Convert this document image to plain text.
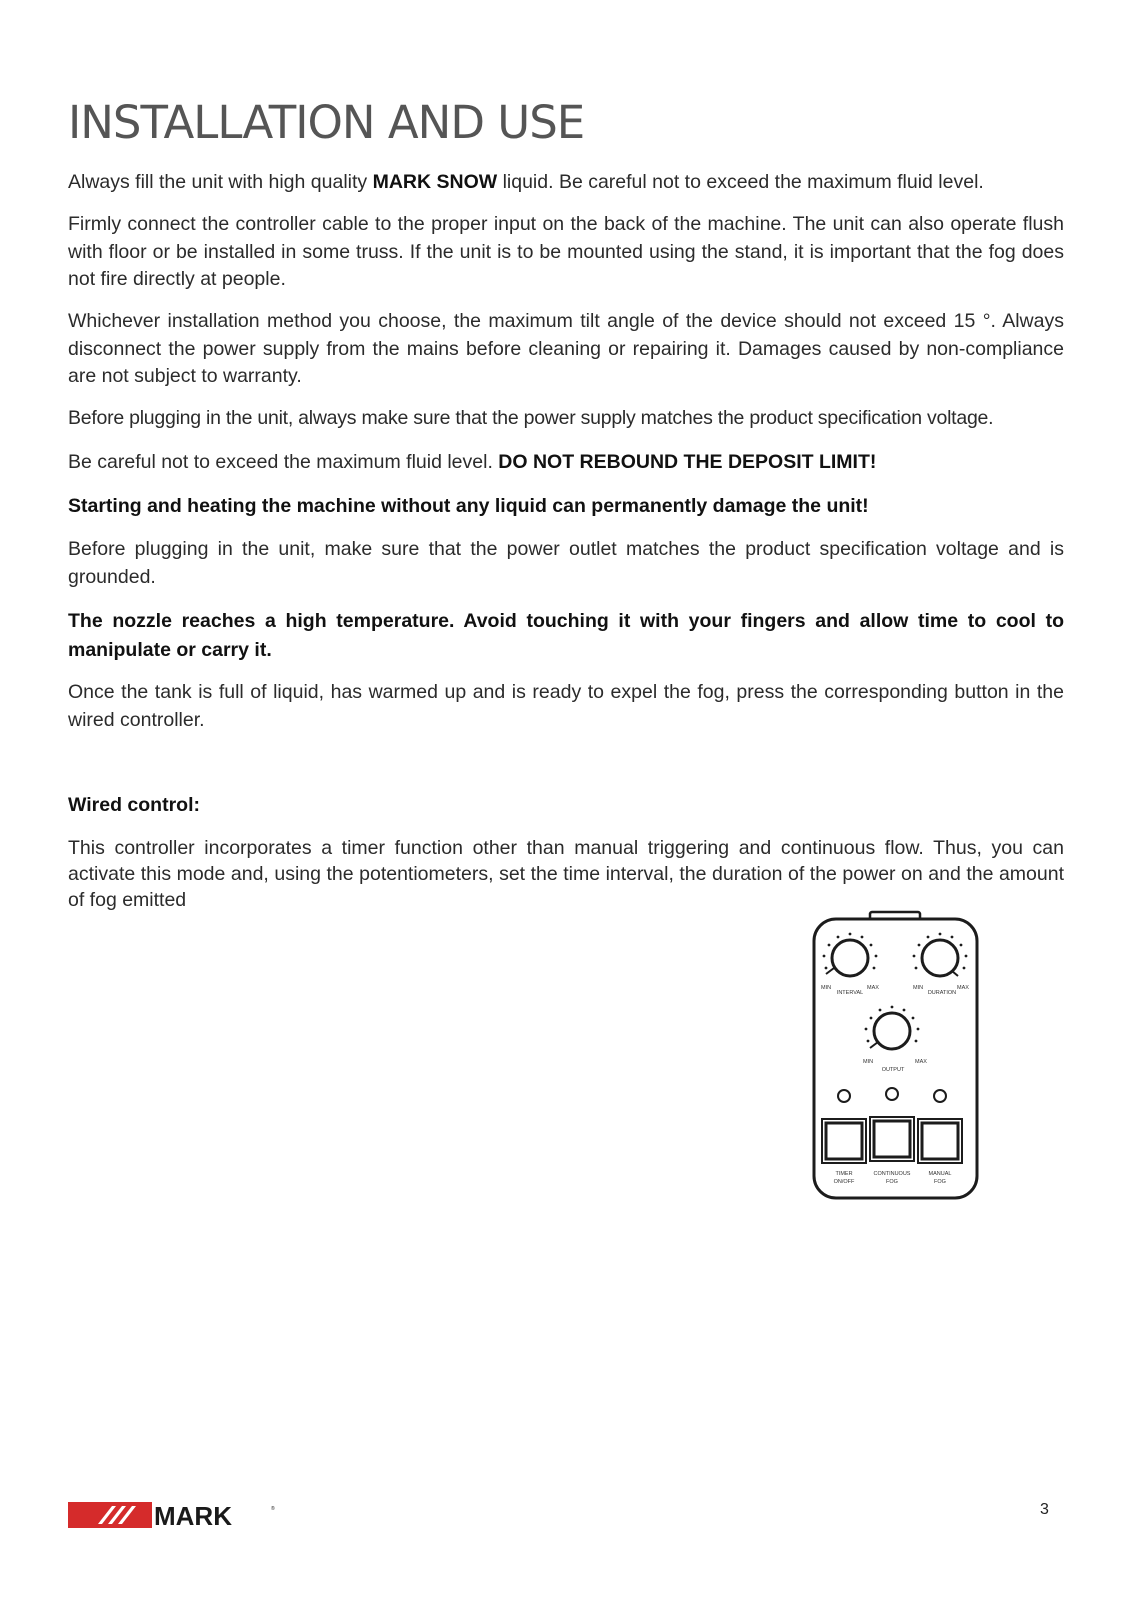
INSTALLATION AND USE

Always fill the unit with high quality MARK SNOW liquid. Be careful not to exceed the maximum fluid level.

Firmly connect the controller cable to the proper input on the back of the machine. The unit can also operate flush with floor or be installed in some truss. If the unit is to be mounted using the stand, it is important that the fog does not fire directly at people.

Whichever installation method you choose, the maximum tilt angle of the device should not exceed 15 °. Always disconnect the power supply from the mains before cleaning or repairing it. Damages caused by non-compliance are not subject to warranty.

Before plugging in the unit, always make sure that the power supply matches the product specification voltage.

Be careful not to exceed the maximum fluid level. DO NOT REBOUND THE DEPOSIT LIMIT!

Starting and heating the machine without any liquid can permanently damage the unit!

Before plugging in the unit, make sure that the power outlet matches the product specification voltage and is grounded.

The nozzle reaches a high temperature. Avoid touching it with your fingers and allow time to cool to manipulate or carry it.

Once the tank is full of liquid, has warmed up and is ready to expel the fog, press the corresponding button in the wired controller.

Wired control:

This controller incorporates a timer function other than manual triggering and continuous flow. Thus, you can activate this mode and, using the potentiometers, set the time interval, the duration of the power on and the amount of fog emitted

MIN	MAX
INTERVAL
MIN	MAX
DURATION
MIN	MAX
OUTPUT
TIMER
ON/OFF
CONTINUOUS
FOG
MANUAL
FOG
MARK	®	3
